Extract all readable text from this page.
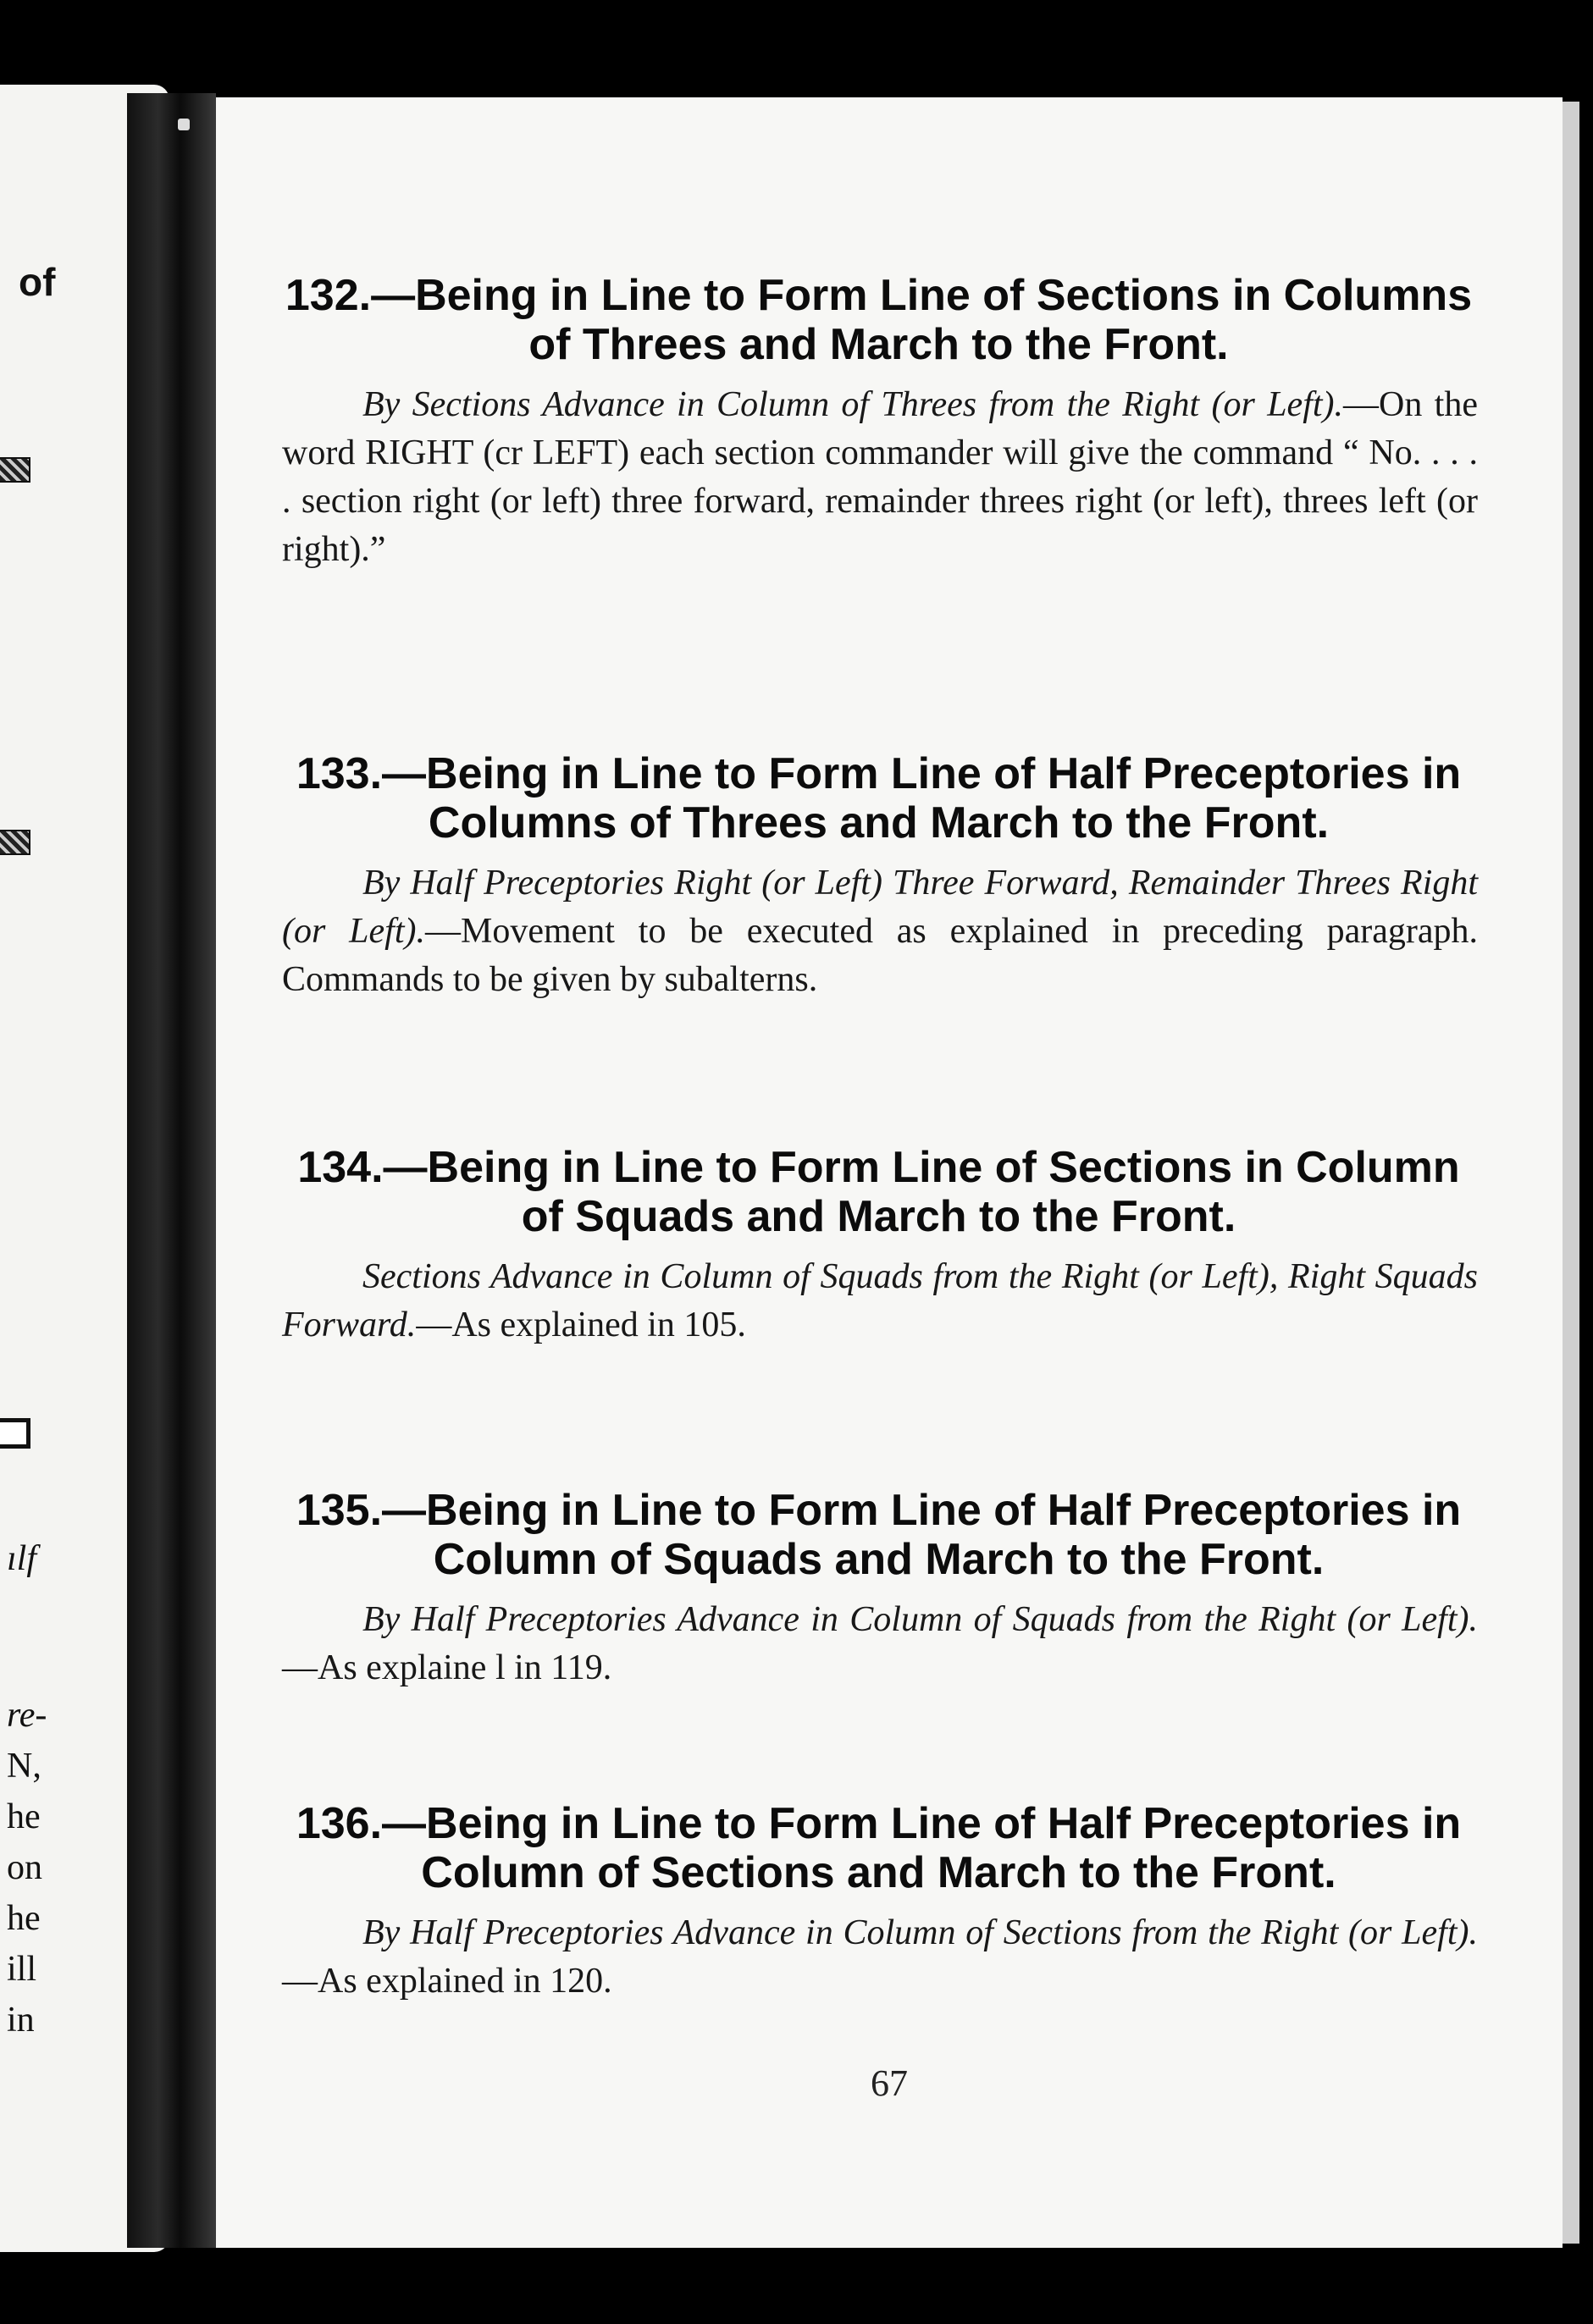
of
ılf
re-
N,
he
on
he
ill
in
132.—Being in Line to Form Line of Sections in Columns of Threes and March to the Front.

By Sections Advance in Column of Threes from the Right (or Left).—On the word RIGHT (cr LEFT) each section commander will give the command “ No. . . . . section right (or left) three forward, remainder threes right (or left), threes left (or right).”

133.—Being in Line to Form Line of Half Preceptories in Columns of Threes and March to the Front.

By Half Preceptories Right (or Left) Three Forward, Remainder Threes Right (or Left).—Movement to be executed as explained in preceding paragraph. Commands to be given by subalterns.

134.—Being in Line to Form Line of Sections in Column of Squads and March to the Front.

Sections Advance in Column of Squads from the Right (or Left), Right Squads Forward.—As explained in 105.

135.—Being in Line to Form Line of Half Preceptories in Column of Squads and March to the Front.

By Half Preceptories Advance in Column of Squads from the Right (or Left).—As explaine l in 119.

136.—Being in Line to Form Line of Half Preceptories in Column of Sections and March to the Front.

By Half Preceptories Advance in Column of Sections from the Right (or Left).—As explained in 120.

67
